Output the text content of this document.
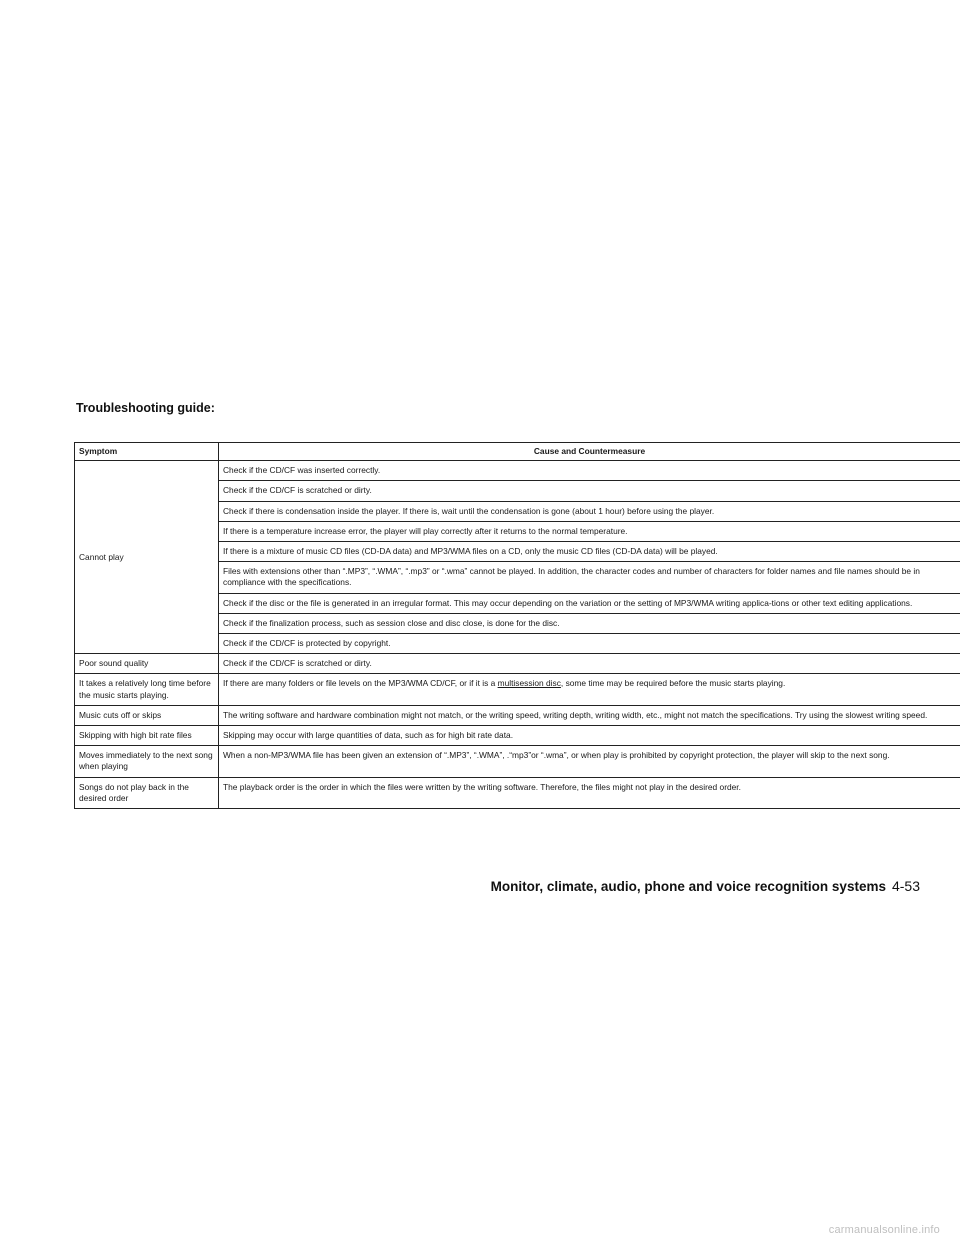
Troubleshooting guide:
Symptom	Cause and Countermeasure
Cannot play	Check if the CD/CF was inserted correctly.
	Check if the CD/CF is scratched or dirty.
	Check if there is condensation inside the player. If there is, wait until the condensation is gone (about 1 hour) before using the player.
	If there is a temperature increase error, the player will play correctly after it returns to the normal temperature.
	If there is a mixture of music CD files (CD-DA data) and MP3/WMA files on a CD, only the music CD files (CD-DA data) will be played.
	Files with extensions other than “.MP3”, “.WMA”, “.mp3” or “.wma” cannot be played. In addition, the character codes and number of characters for folder names and file names should be in compliance with the specifications.
	Check if the disc or the file is generated in an irregular format. This may occur depending on the variation or the setting of MP3/WMA writing applica-tions or other text editing applications.
	Check if the finalization process, such as session close and disc close, is done for the disc.
	Check if the CD/CF is protected by copyright.
Poor sound quality	Check if the CD/CF is scratched or dirty.
It takes a relatively long time before the music starts playing.	If there are many folders or file levels on the MP3/WMA CD/CF, or if it is a multisession disc, some time may be required before the music starts playing.
Music cuts off or skips	The writing software and hardware combination might not match, or the writing speed, writing depth, writing width, etc., might not match the specifications. Try using the slowest writing speed.
Skipping with high bit rate files	Skipping may occur with large quantities of data, such as for high bit rate data.
Moves immediately to the next song when playing	When a non-MP3/WMA file has been given an extension of “.MP3”, “.WMA”, .“mp3”or “.wma”, or when play is prohibited by copyright protection, the player will skip to the next song.
Songs do not play back in the desired order	The playback order is the order in which the files were written by the writing software. Therefore, the files might not play in the desired order.
Monitor, climate, audio, phone and voice recognition systems 4-53
carmanualsonline.info
